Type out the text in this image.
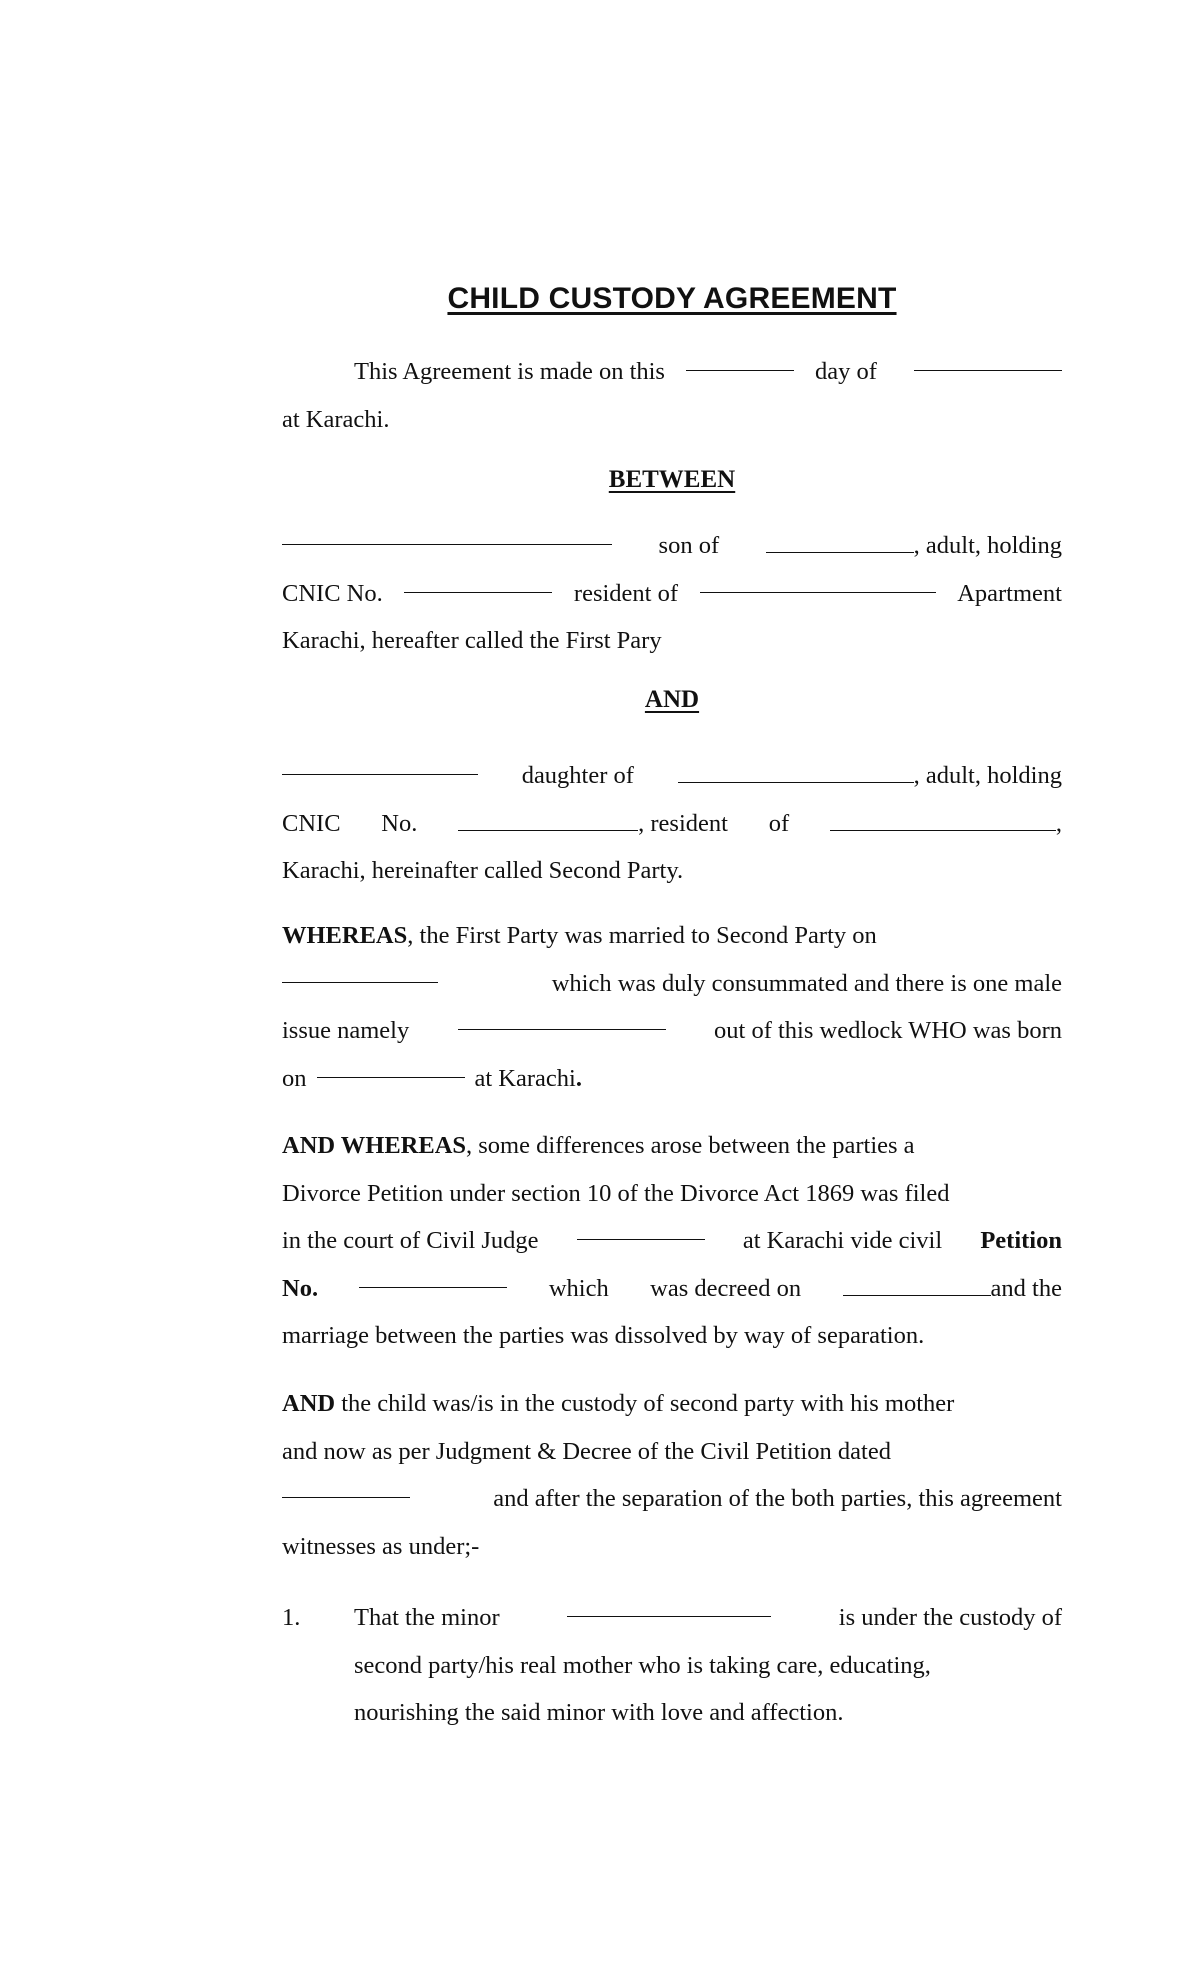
CHILD CUSTODY AGREEMENT
This Agreement is made on this	day of
at Karachi.
BETWEEN
son of	, adult, holding
CNIC No.	resident of	Apartment
Karachi, hereafter called the First Pary
AND
daughter of	, adult, holding
CNIC No.	, resident of	,
Karachi, hereinafter called Second Party.
WHEREAS, the First Party was married to Second Party on
which was duly consummated and there is one male
issue namely	out of this wedlock WHO was born
on	at Karachi.
AND WHEREAS, some differences arose between the parties a
Divorce Petition under section 10 of the Divorce Act 1869 was filed
in the court of Civil Judge	at Karachi vide civil Petition
No.	which was decreed on	and the
marriage between the parties was dissolved by way of separation.
AND the child was/is in the custody of second party with his mother
and now as per Judgment & Decree of the Civil Petition dated
and after the separation of the both parties, this agreement
witnesses as under;-
1. That the minor	is under the custody of
second party/his real mother who is taking care, educating,
nourishing the said minor with love and affection.
